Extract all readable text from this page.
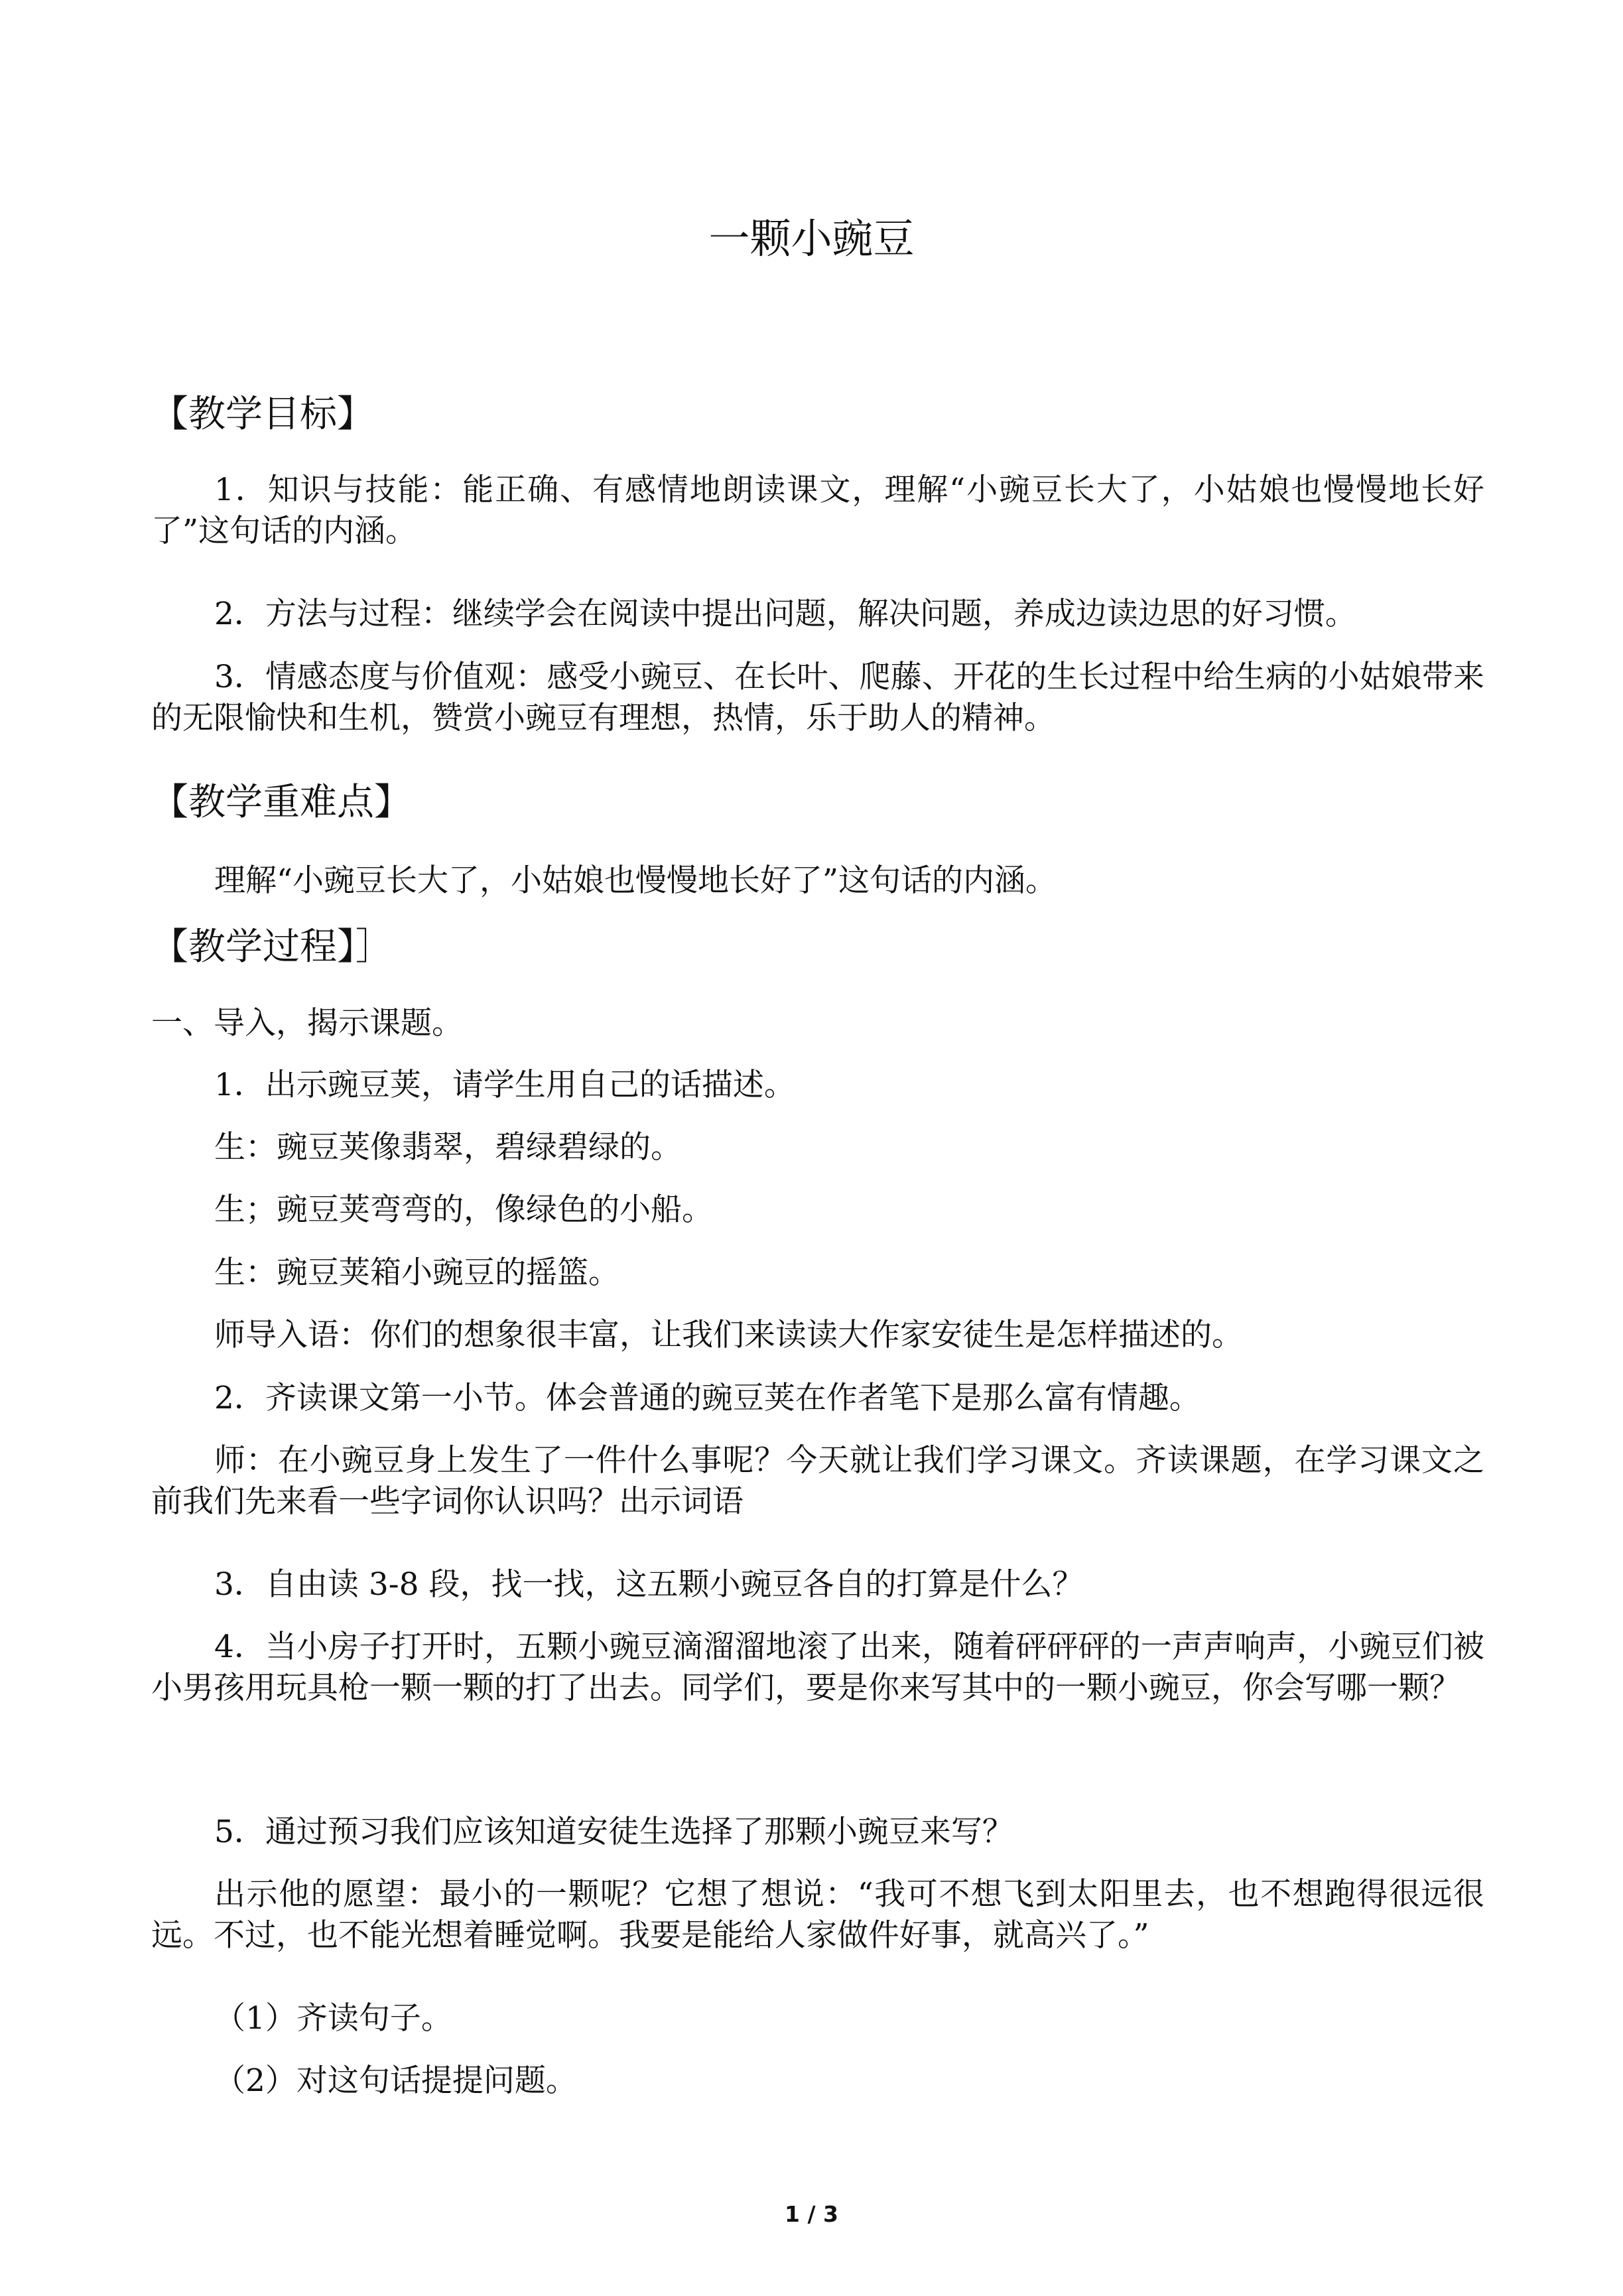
一颗小豌豆
【教学目标】

1．知识与技能：能正确、有感情地朗读课文，理解“小豌豆长大了，小姑娘也慢慢地长好了”这句话的内涵。

2．方法与过程：继续学会在阅读中提出问题，解决问题，养成边读边思的好习惯。

3．情感态度与价值观：感受小豌豆、在长叶、爬藤、开花的生长过程中给生病的小姑娘带来的无限愉快和生机，赞赏小豌豆有理想，热情，乐于助人的精神。

【教学重难点】

理解“小豌豆长大了，小姑娘也慢慢地长好了”这句话的内涵。

【教学过程】］

一、导入，揭示课题。

1．出示豌豆荚，请学生用自己的话描述。

生：豌豆荚像翡翠，碧绿碧绿的。

生；豌豆荚弯弯的，像绿色的小船。

生：豌豆荚箱小豌豆的摇篮。

师导入语：你们的想象很丰富，让我们来读读大作家安徒生是怎样描述的。

2．齐读课文第一小节。体会普通的豌豆荚在作者笔下是那么富有情趣。

师：在小豌豆身上发生了一件什么事呢？今天就让我们学习课文。齐读课题，在学习课文之前我们先来看一些字词你认识吗？出示词语

3．自由读 3-8 段，找一找，这五颗小豌豆各自的打算是什么？

4．当小房子打开时，五颗小豌豆滴溜溜地滚了出来，随着砰砰砰的一声声响声，小豌豆们被小男孩用玩具枪一颗一颗的打了出去。同学们，要是你来写其中的一颗小豌豆，你会写哪一颗？

5．通过预习我们应该知道安徒生选择了那颗小豌豆来写？

出示他的愿望：最小的一颗呢？它想了想说：“我可不想飞到太阳里去，也不想跑得很远很远。不过，也不能光想着睡觉啊。我要是能给人家做件好事，就高兴了。”

（1）齐读句子。

（2）对这句话提提问题。

1 / 3
